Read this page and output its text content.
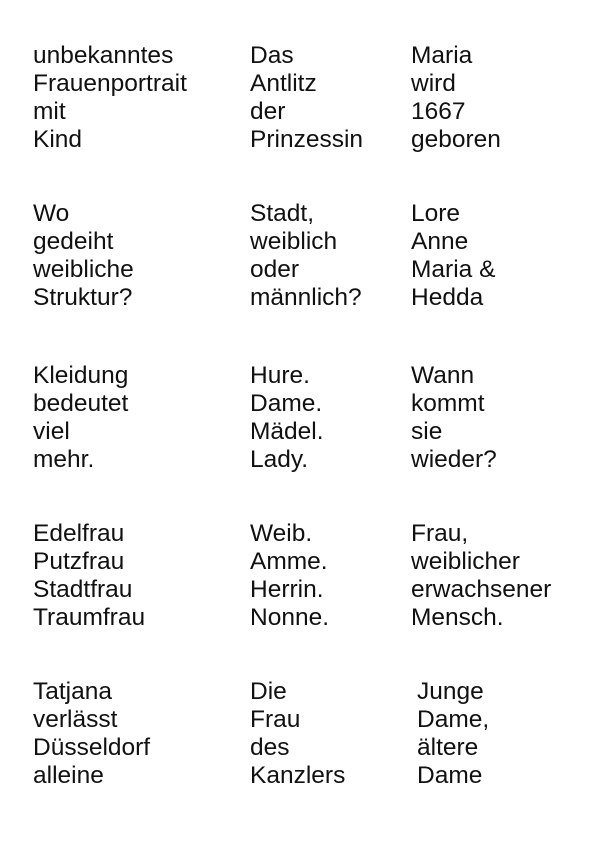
unbekanntes
Frauenportrait
mit
Kind
Das
Antlitz
der
Prinzessin
Maria
wird
1667
geboren
Wo
gedeiht
weibliche
Struktur?
Stadt,
weiblich
oder
männlich?
Lore
Anne
Maria &
Hedda
Kleidung
bedeutet
viel
mehr.
Hure.
Dame.
Mädel.
Lady.
Wann
kommt
sie
wieder?
Edelfrau
Putzfrau
Stadtfrau
Traumfrau
Weib.
Amme.
Herrin.
Nonne.
Frau,
weiblicher
erwachsener
Mensch.
Tatjana
verlässt
Düsseldorf
alleine
Die
Frau
des
Kanzlers
Junge
Dame,
ältere
Dame
